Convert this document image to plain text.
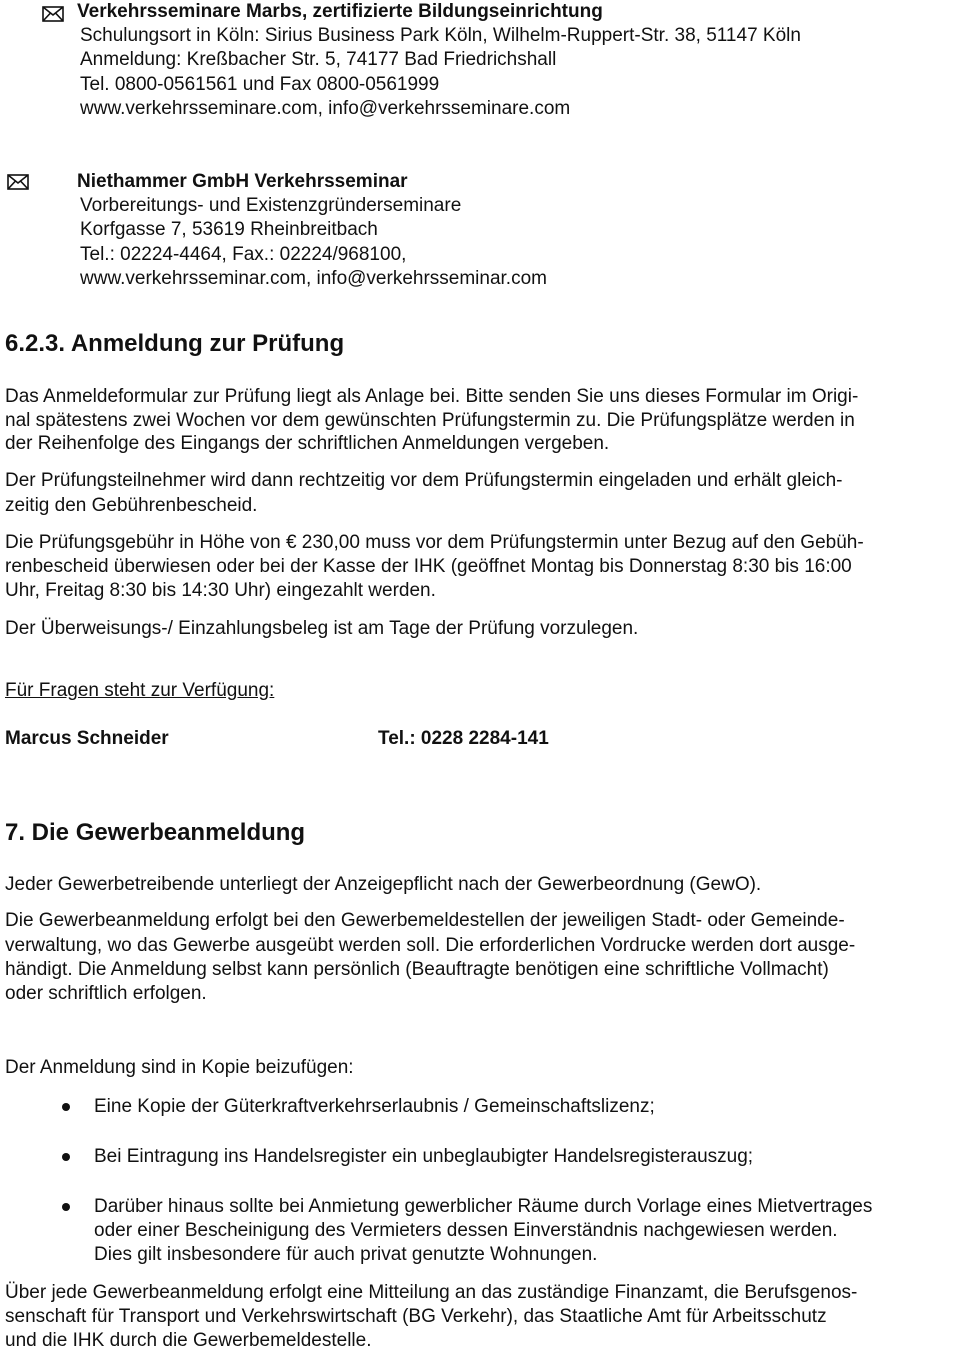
Verkehrsseminare Marbs, zertifizierte Bildungseinrichtung
Schulungsort in Köln: Sirius Business Park Köln, Wilhelm-Ruppert-Str. 38, 51147 Köln
Anmeldung: Kreßbacher Str. 5, 74177 Bad Friedrichshall
Tel. 0800-0561561 und Fax 0800-0561999
www.verkehrsseminare.com, info@verkehrsseminare.com
Niethammer GmbH Verkehrsseminar
Vorbereitungs- und Existenzgründerseminare
Korfgasse 7, 53619 Rheinbreitbach
Tel.: 02224-4464, Fax.: 02224/968100,
www.verkehrsseminar.com, info@verkehrsseminar.com
6.2.3. Anmeldung zur Prüfung
Das Anmeldeformular zur Prüfung liegt als Anlage bei. Bitte senden Sie uns dieses Formular im Origi-
nal spätestens zwei Wochen vor dem gewünschten Prüfungstermin zu. Die Prüfungsplätze werden in
der Reihenfolge des Eingangs der schriftlichen Anmeldungen vergeben.
Der Prüfungsteilnehmer wird dann rechtzeitig vor dem Prüfungstermin eingeladen und erhält gleich-
zeitig den Gebührenbescheid.
Die Prüfungsgebühr in Höhe von € 230,00 muss vor dem Prüfungstermin unter Bezug auf den Gebüh-
renbescheid überwiesen oder bei der Kasse der IHK (geöffnet Montag bis Donnerstag 8:30 bis 16:00
Uhr, Freitag 8:30 bis 14:30 Uhr) eingezahlt werden.
Der Überweisungs-/ Einzahlungsbeleg ist am Tage der Prüfung vorzulegen.
Für Fragen steht zur Verfügung:
Marcus Schneider	Tel.: 0228 2284-141
7. Die Gewerbeanmeldung
Jeder Gewerbetreibende unterliegt der Anzeigepflicht nach der Gewerbeordnung (GewO).
Die Gewerbeanmeldung erfolgt bei den Gewerbemeldestellen der jeweiligen Stadt- oder Gemeinde-
verwaltung, wo das Gewerbe ausgeübt werden soll. Die erforderlichen Vordrucke werden dort ausge-
händigt. Die Anmeldung selbst kann persönlich (Beauftragte benötigen eine schriftliche Vollmacht)
oder schriftlich erfolgen.
Der Anmeldung sind in Kopie beizufügen:
Eine Kopie der Güterkraftverkehrserlaubnis / Gemeinschaftslizenz;
Bei Eintragung ins Handelsregister ein unbeglaubigter Handelsregisterauszug;
Darüber hinaus sollte bei Anmietung gewerblicher Räume durch Vorlage eines Mietvertrages
oder einer Bescheinigung des Vermieters dessen Einverständnis nachgewiesen werden.
Dies gilt insbesondere für auch privat genutzte Wohnungen.
Über jede Gewerbeanmeldung erfolgt eine Mitteilung an das zuständige Finanzamt, die Berufsgenos-
senschaft für Transport und Verkehrswirtschaft (BG Verkehr), das Staatliche Amt für Arbeitsschutz
und die IHK durch die Gewerbemeldestelle.
